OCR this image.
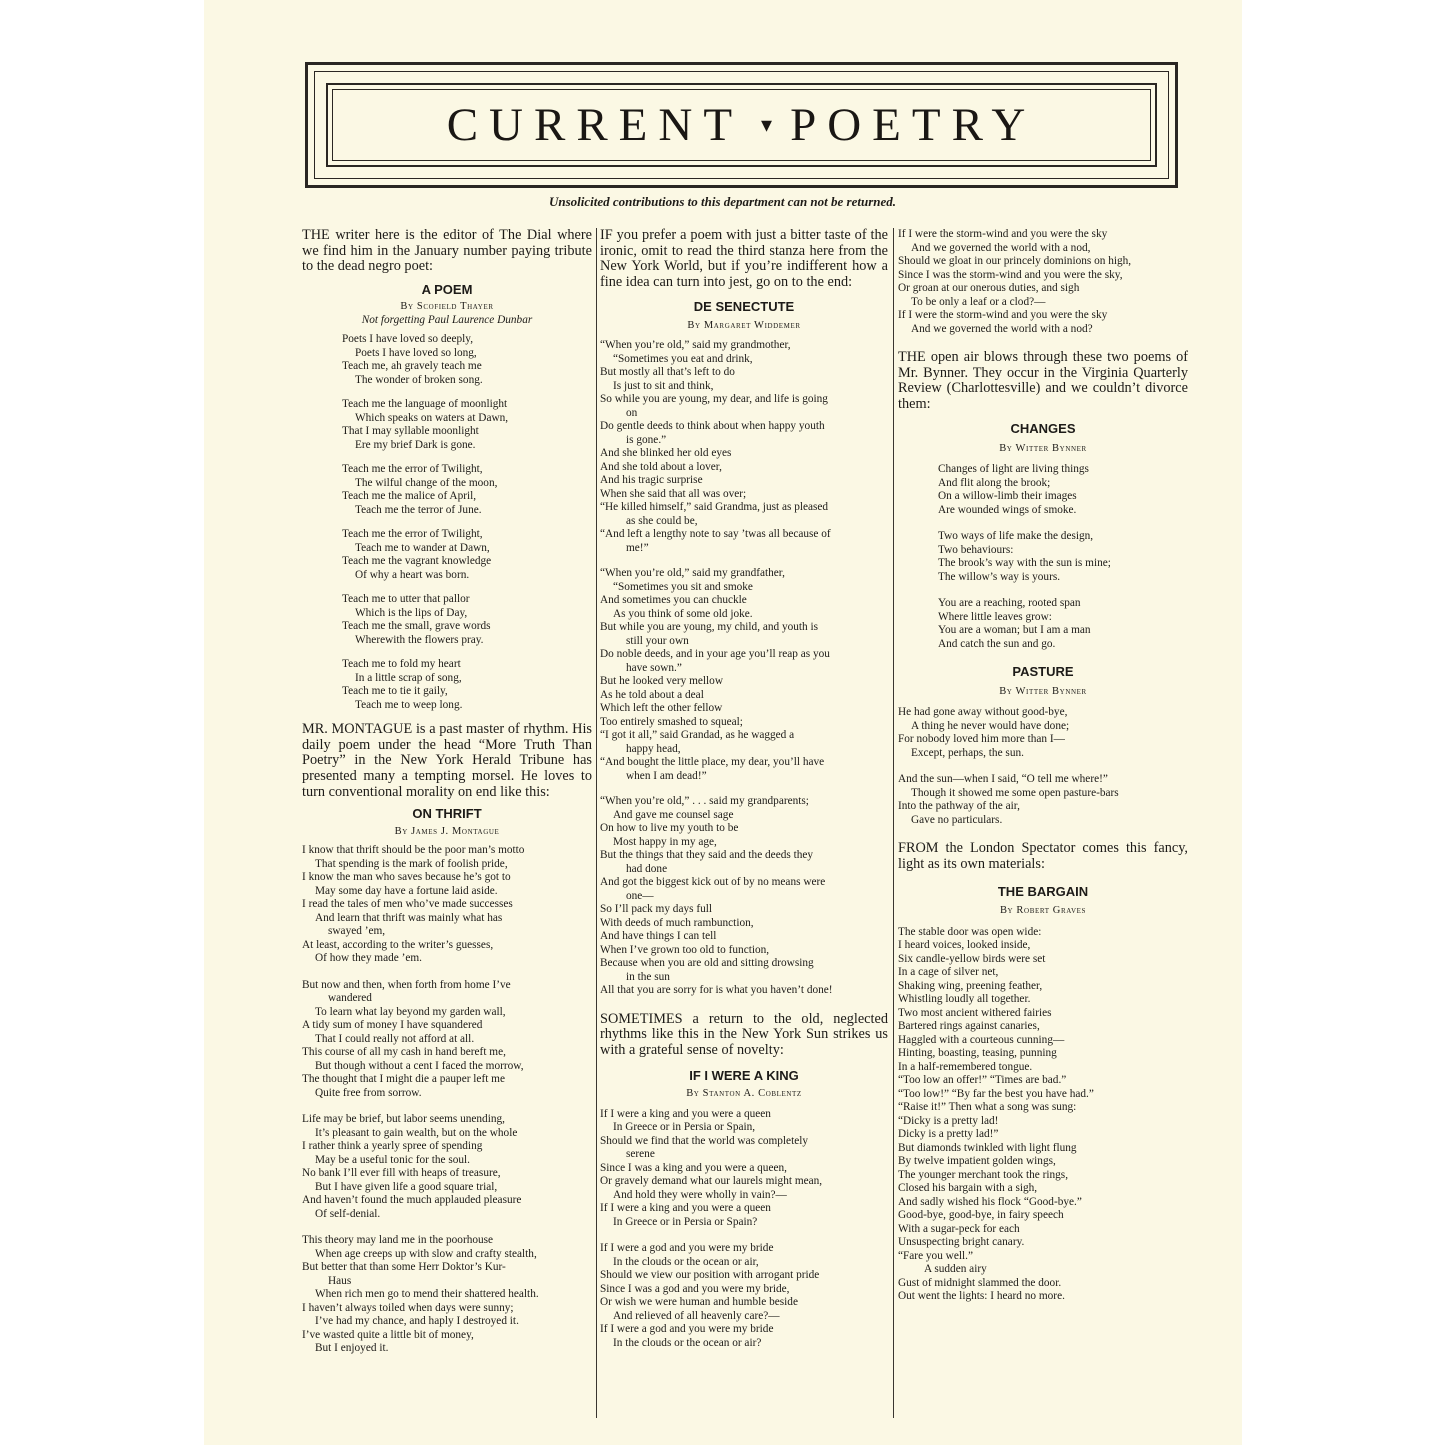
CURRENT ▾ POETRY
Unsolicited contributions to this department can not be returned.

THE writer here is the editor of The Dial where we find him in the January number paying tribute to the dead negro poet:

A POEM

By Scofield Thayer

Not forgetting Paul Laurence Dunbar

Poets I have loved so deeply,
Poets I have loved so long,
Teach me, ah gravely teach me
The wonder of broken song.
Teach me the language of moonlight
Which speaks on waters at Dawn,
That I may syllable moonlight
Ere my brief Dark is gone.
Teach me the error of Twilight,
The wilful change of the moon,
Teach me the malice of April,
Teach me the terror of June.
Teach me the error of Twilight,
Teach me to wander at Dawn,
Teach me the vagrant knowledge
Of why a heart was born.
Teach me to utter that pallor
Which is the lips of Day,
Teach me the small, grave words
Wherewith the flowers pray.
Teach me to fold my heart
In a little scrap of song,
Teach me to tie it gaily,
Teach me to weep long.

MR. MONTAGUE is a past master of rhythm. His daily poem under the head “More Truth Than Poetry” in the New York Herald Tribune has presented many a tempting morsel. He loves to turn conventional morality on end like this:

ON THRIFT

By James J. Montague

I know that thrift should be the poor man’s motto
That spending is the mark of foolish pride,
I know the man who saves because he’s got to
May some day have a fortune laid aside.
I read the tales of men who’ve made successes
And learn that thrift was mainly what has
swayed ’em,
At least, according to the writer’s guesses,
Of how they made ’em.
But now and then, when forth from home I’ve
wandered
To learn what lay beyond my garden wall,
A tidy sum of money I have squandered
That I could really not afford at all.
This course of all my cash in hand bereft me,
But though without a cent I faced the morrow,
The thought that I might die a pauper left me
Quite free from sorrow.
Life may be brief, but labor seems unending,
It’s pleasant to gain wealth, but on the whole
I rather think a yearly spree of spending
May be a useful tonic for the soul.
No bank I’ll ever fill with heaps of treasure,
But I have given life a good square trial,
And haven’t found the much applauded pleasure
Of self-denial.
This theory may land me in the poorhouse
When age creeps up with slow and crafty stealth,
But better that than some Herr Doktor’s Kur-
Haus
When rich men go to mend their shattered health.
I haven’t always toiled when days were sunny;
I’ve had my chance, and haply I destroyed it.
I’ve wasted quite a little bit of money,
But I enjoyed it.

IF you prefer a poem with just a bitter taste of the ironic, omit to read the third stanza here from the New York World, but if you’re indifferent how a fine idea can turn into jest, go on to the end:

DE SENECTUTE

By Margaret Widdemer

“When you’re old,” said my grandmother,
“Sometimes you eat and drink,
But mostly all that’s left to do
Is just to sit and think,
So while you are young, my dear, and life is going
on
Do gentle deeds to think about when happy youth
is gone.”
And she blinked her old eyes
And she told about a lover,
And his tragic surprise
When she said that all was over;
“He killed himself,” said Grandma, just as pleased
as she could be,
“And left a lengthy note to say ’twas all because of
me!”
“When you’re old,” said my grandfather,
“Sometimes you sit and smoke
And sometimes you can chuckle
As you think of some old joke.
But while you are young, my child, and youth is
still your own
Do noble deeds, and in your age you’ll reap as you
have sown.”
But he looked very mellow
As he told about a deal
Which left the other fellow
Too entirely smashed to squeal;
“I got it all,” said Grandad, as he wagged a
happy head,
“And bought the little place, my dear, you’ll have
when I am dead!”
“When you’re old,” . . . said my grandparents;
And gave me counsel sage
On how to live my youth to be
Most happy in my age,
But the things that they said and the deeds they
had done
And got the biggest kick out of by no means were
one—
So I’ll pack my days full
With deeds of much rambunction,
And have things I can tell
When I’ve grown too old to function,
Because when you are old and sitting drowsing
in the sun
All that you are sorry for is what you haven’t done!

SOMETIMES a return to the old, neglected rhythms like this in the New York Sun strikes us with a grateful sense of novelty:

IF I WERE A KING

By Stanton A. Coblentz

If I were a king and you were a queen
In Greece or in Persia or Spain,
Should we find that the world was completely
serene
Since I was a king and you were a queen,
Or gravely demand what our laurels might mean,
And hold they were wholly in vain?—
If I were a king and you were a queen
In Greece or in Persia or Spain?
If I were a god and you were my bride
In the clouds or the ocean or air,
Should we view our position with arrogant pride
Since I was a god and you were my bride,
Or wish we were human and humble beside
And relieved of all heavenly care?—
If I were a god and you were my bride
In the clouds or the ocean or air?
If I were the storm-wind and you were the sky
And we governed the world with a nod,
Should we gloat in our princely dominions on high,
Since I was the storm-wind and you were the sky,
Or groan at our onerous duties, and sigh
To be only a leaf or a clod?—
If I were the storm-wind and you were the sky
And we governed the world with a nod?

THE open air blows through these two poems of Mr. Bynner. They occur in the Virginia Quarterly Review (Charlottesville) and we couldn’t divorce them:

CHANGES

By Witter Bynner

Changes of light are living things
And flit along the brook;
On a willow-limb their images
Are wounded wings of smoke.
Two ways of life make the design,
Two behaviours:
The brook’s way with the sun is mine;
The willow’s way is yours.
You are a reaching, rooted span
Where little leaves grow:
You are a woman; but I am a man
And catch the sun and go.

PASTURE

By Witter Bynner

He had gone away without good-bye,
A thing he never would have done;
For nobody loved him more than I—
Except, perhaps, the sun.
And the sun—when I said, “O tell me where!”
Though it showed me some open pasture-bars
Into the pathway of the air,
Gave no particulars.

FROM the London Spectator comes this fancy, light as its own materials:

THE BARGAIN

By Robert Graves

The stable door was open wide:
I heard voices, looked inside,
Six candle-yellow birds were set
In a cage of silver net,
Shaking wing, preening feather,
Whistling loudly all together.
Two most ancient withered fairies
Bartered rings against canaries,
Haggled with a courteous cunning—
Hinting, boasting, teasing, punning
In a half-remembered tongue.
“Too low an offer!” “Times are bad.”
“Too low!” “By far the best you have had.”
“Raise it!” Then what a song was sung:
“Dicky is a pretty lad!
Dicky is a pretty lad!”
But diamonds twinkled with light flung
By twelve impatient golden wings,
The younger merchant took the rings,
Closed his bargain with a sigh,
And sadly wished his flock “Good-bye.”
Good-bye, good-bye, in fairy speech
With a sugar-peck for each
Unsuspecting bright canary.
“Fare you well.”
A sudden airy
Gust of midnight slammed the door.
Out went the lights: I heard no more.
